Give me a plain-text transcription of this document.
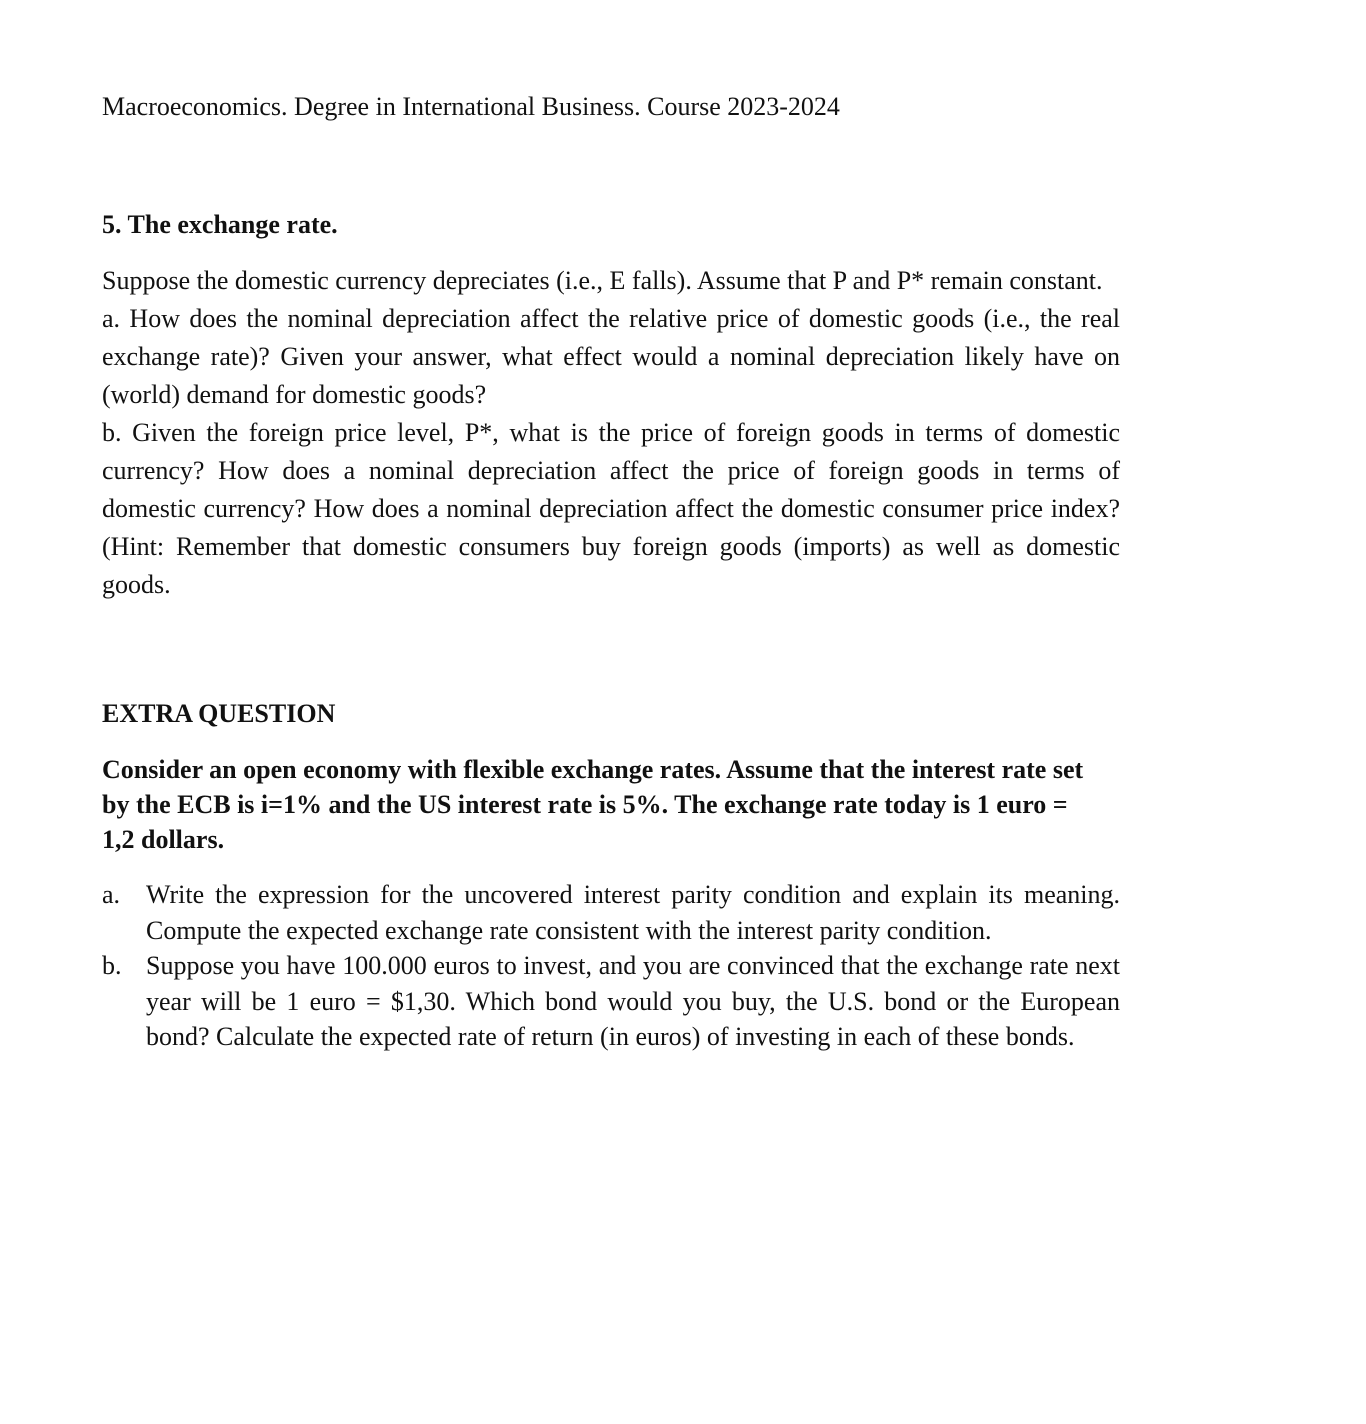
Macroeconomics. Degree in International Business. Course 2023-2024
5. The exchange rate.

Suppose the domestic currency depreciates (i.e., E falls). Assume that P and P* remain constant.

a. How does the nominal depreciation affect the relative price of domestic goods (i.e., the real exchange rate)? Given your answer, what effect would a nominal depreciation likely have on (world) demand for domestic goods?

b. Given the foreign price level, P*, what is the price of foreign goods in terms of domestic currency? How does a nominal depreciation affect the price of foreign goods in terms of domestic currency? How does a nominal depreciation affect the domestic consumer price index? (Hint: Remember that domestic consumers buy foreign goods (imports) as well as domestic goods.

EXTRA QUESTION
Consider an open economy with flexible exchange rates. Assume that the interest rate set by the ECB is i=1% and the US interest rate is 5%. The exchange rate today is 1 euro = 1,2 dollars.
a. Write the expression for the uncovered interest parity condition and explain its meaning. Compute the expected exchange rate consistent with the interest parity condition.
b. Suppose you have 100.000 euros to invest, and you are convinced that the exchange rate next year will be 1 euro = $1,30. Which bond would you buy, the U.S. bond or the European bond? Calculate the expected rate of return (in euros) of investing in each of these bonds.
